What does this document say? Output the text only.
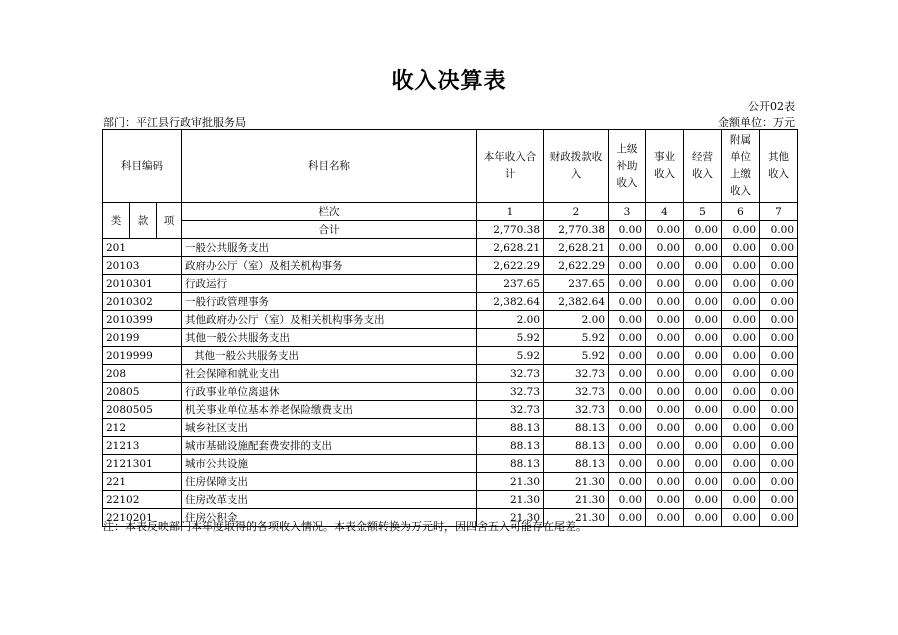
收入决算表
公开02表
部门：平江县行政审批服务局	金额单位：万元
科目编码			科目名称	本年收入合计	财政拨款收入	上级补助收入	事业收入	经营收入	附属单位上缴收入	其他收入
类	款	项	栏次	1	2	3	4	5	6	7
			合计	2,770.38	2,770.38	0.00	0.00	0.00	0.00	0.00
201			一般公共服务支出	2,628.21	2,628.21	0.00	0.00	0.00	0.00	0.00
20103			政府办公厅（室）及相关机构事务	2,622.29	2,622.29	0.00	0.00	0.00	0.00	0.00
2010301			行政运行	237.65	237.65	0.00	0.00	0.00	0.00	0.00
2010302			一般行政管理事务	2,382.64	2,382.64	0.00	0.00	0.00	0.00	0.00
2010399			其他政府办公厅（室）及相关机构事务支出	2.00	2.00	0.00	0.00	0.00	0.00	0.00
20199			其他一般公共服务支出	5.92	5.92	0.00	0.00	0.00	0.00	0.00
2019999			其他一般公共服务支出	5.92	5.92	0.00	0.00	0.00	0.00	0.00
208			社会保障和就业支出	32.73	32.73	0.00	0.00	0.00	0.00	0.00
20805			行政事业单位离退休	32.73	32.73	0.00	0.00	0.00	0.00	0.00
2080505			机关事业单位基本养老保险缴费支出	32.73	32.73	0.00	0.00	0.00	0.00	0.00
212			城乡社区支出	88.13	88.13	0.00	0.00	0.00	0.00	0.00
21213			城市基础设施配套费安排的支出	88.13	88.13	0.00	0.00	0.00	0.00	0.00
2121301			城市公共设施	88.13	88.13	0.00	0.00	0.00	0.00	0.00
221			住房保障支出	21.30	21.30	0.00	0.00	0.00	0.00	0.00
22102			住房改革支出	21.30	21.30	0.00	0.00	0.00	0.00	0.00
2210201			住房公积金	21.30	21.30	0.00	0.00	0.00	0.00	0.00
注：本表反映部门本年度取得的各项收入情况。本表金额转换为万元时，因四舍五入可能存在尾差。
